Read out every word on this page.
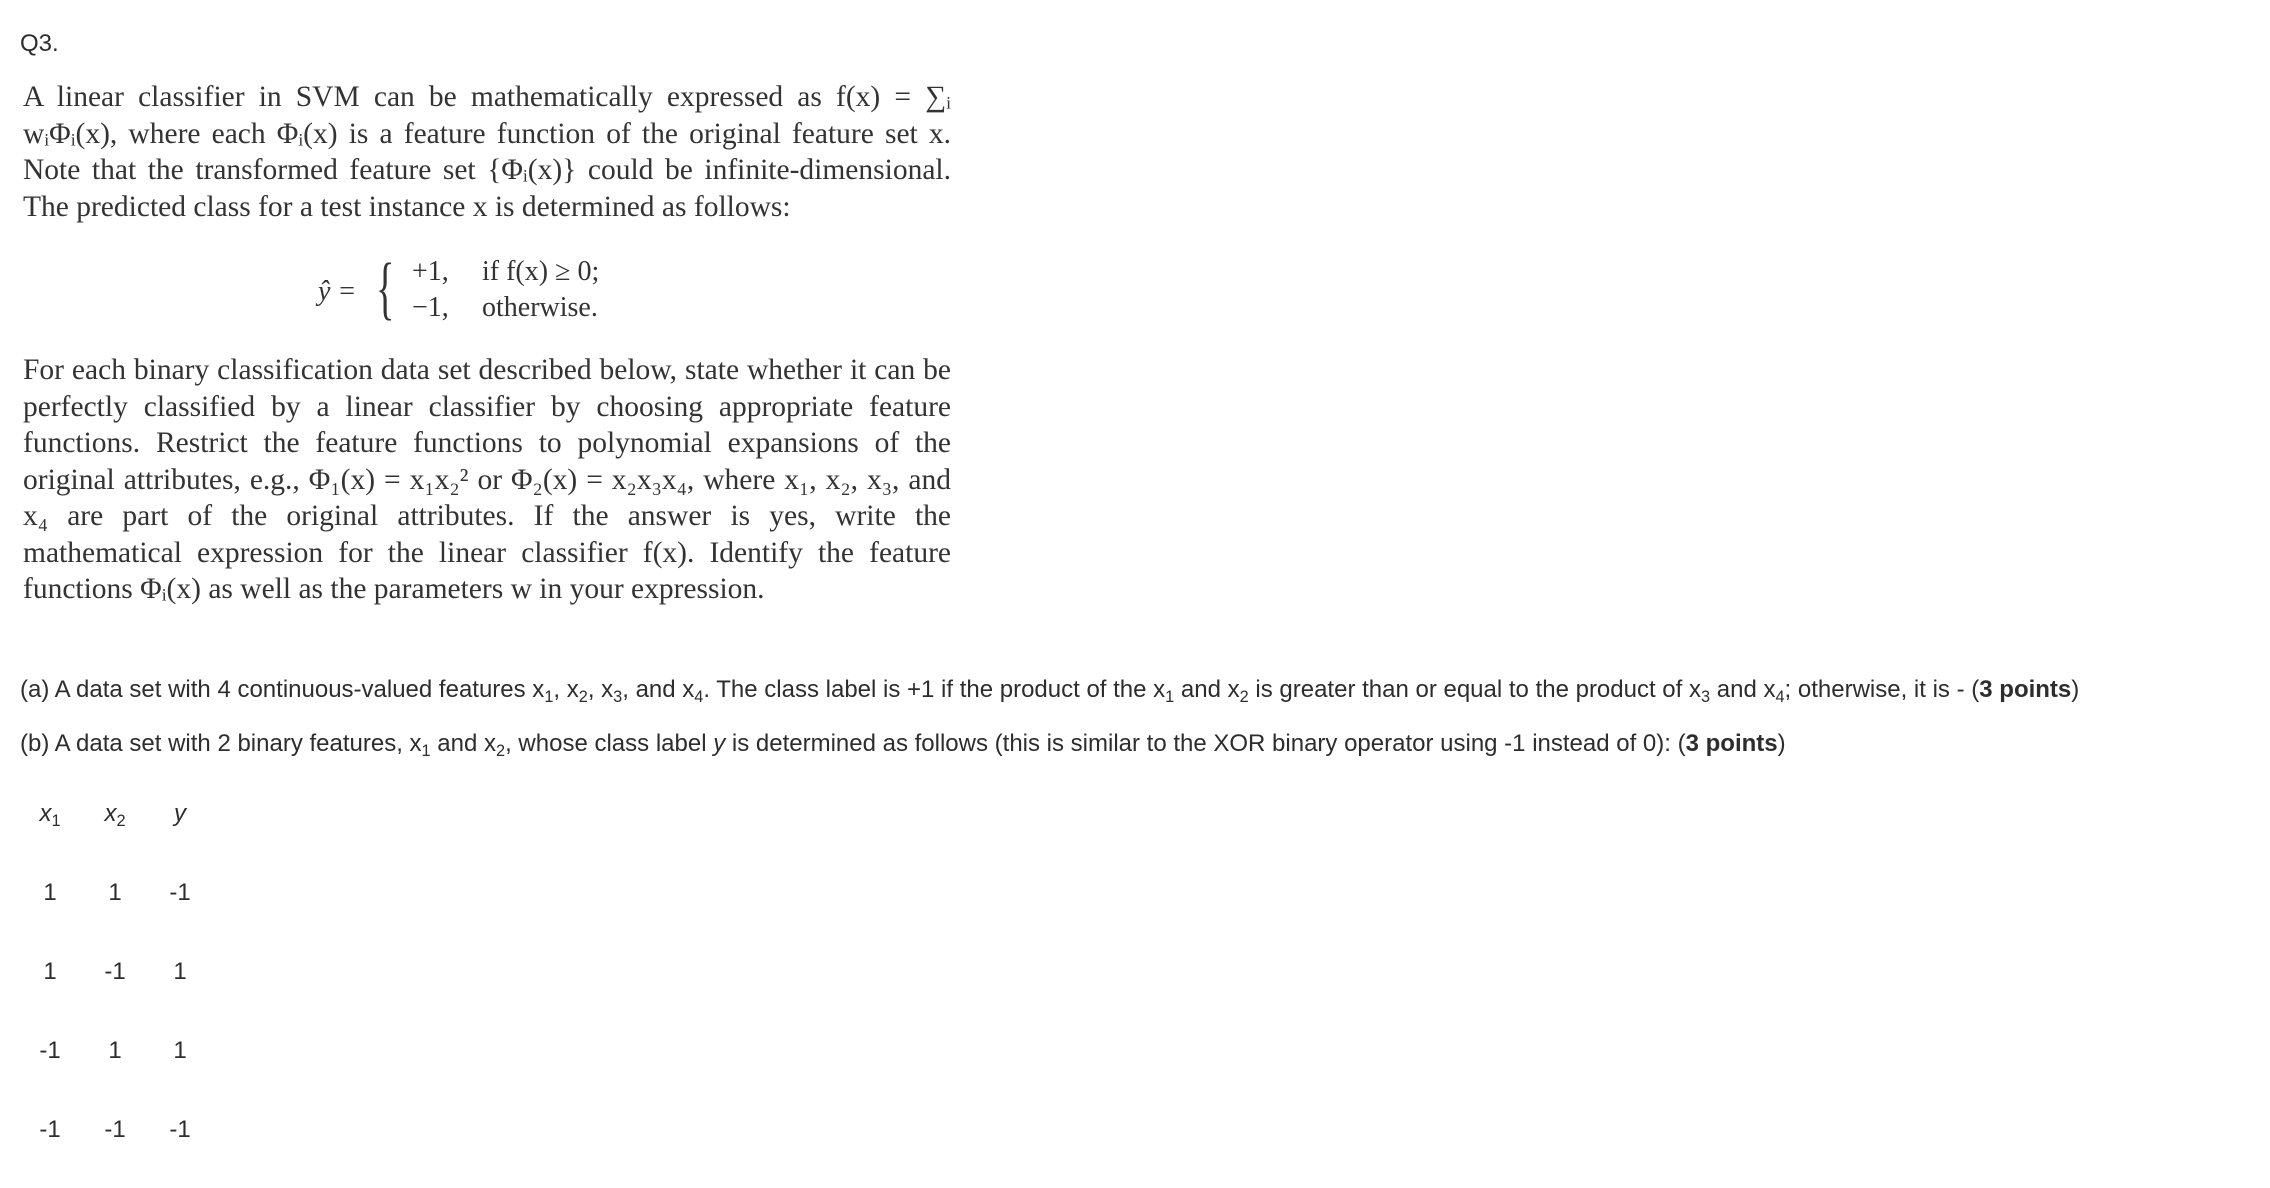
Q3.
A linear classifier in SVM can be mathematically expressed as f(x) = ∑ᵢ wᵢΦᵢ(x), where each Φᵢ(x) is a feature function of the original feature set x. Note that the transformed feature set {Φᵢ(x)} could be infinite-dimensional. The predicted class for a test instance x is determined as follows:
ŷ = { +1, if f(x) ≥ 0;
−1, otherwise.
For each binary classification data set described below, state whether it can be perfectly classified by a linear classifier by choosing appropriate feature functions. Restrict the feature functions to polynomial expansions of the original attributes, e.g., Φ₁(x) = x₁x₂² or Φ₂(x) = x₂x₃x₄, where x₁, x₂, x₃, and x₄ are part of the original attributes. If the answer is yes, write the mathematical expression for the linear classifier f(x). Identify the feature functions Φᵢ(x) as well as the parameters w in your expression.
(a) A data set with 4 continuous-valued features $x_1$, $x_2$, $x_3$, and $x_4$. The class label is +1 if the product of the $x_1$ and $x_2$ is greater than or equal to the product of $x_3$ and $x_4$; otherwise, it is - (3 points)
(b) A data set with 2 binary features, $x_1$ and $x_2$, whose class label y is determined as follows (this is similar to the XOR binary operator using -1 instead of 0): (3 points)
$x_1$	$x_2$	y
1	1	-1
1	-1	1
-1	1	1
-1	-1	-1
